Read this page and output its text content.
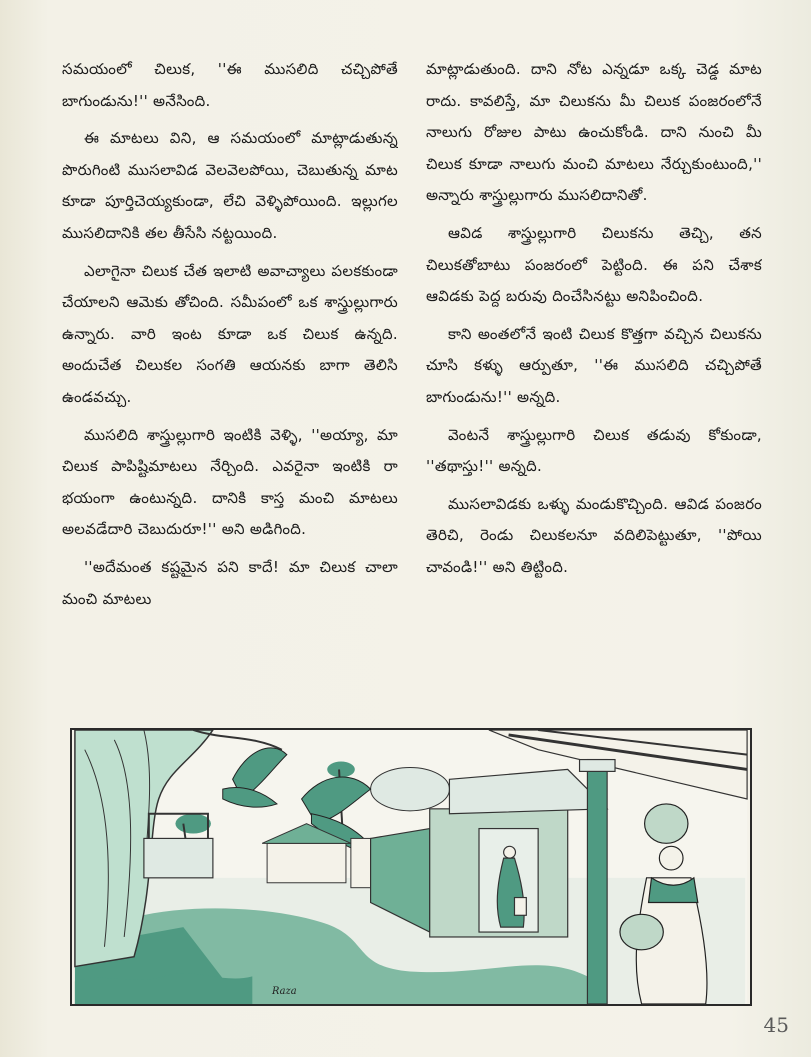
సమయంలో చిలుక, ''ఈ ముసలిది చచ్చిపోతే బాగుండును!'' అనేసింది.

ఈ మాటలు విని, ఆ సమయంలో మాట్లాడుతున్న పొరుగింటి ముసలావిడ వెలవెలపోయి, చెబుతున్న మాట కూడా పూర్తిచెయ్యకుండా, లేచి వెళ్ళిపోయింది. ఇల్లుగల ముసలిదానికి తల తీసేసి నట్టయింది.

ఎలాగైనా చిలుక చేత ఇలాటి అవాచ్యాలు పలకకుండా చేయాలని ఆమెకు తోచింది. సమీపంలో ఒక శాస్త్రుల్లుగారు ఉన్నారు. వారి ఇంట కూడా ఒక చిలుక ఉన్నది. అందుచేత చిలుకల సంగతి ఆయనకు బాగా తెలిసి ఉండవచ్చు.

ముసలిది శాస్త్రుల్లుగారి ఇంటికి వెళ్ళి, ''అయ్యా, మా చిలుక పాపిష్టిమాటలు నేర్చింది. ఎవరైనా ఇంటికి రా భయంగా ఉంటున్నది. దానికి కాస్త మంచి మాటలు అలవడేదారి చెబుదురూ!'' అని అడిగింది.

''అదేమంత కష్టమైన పని కాదే! మా చిలుక చాలా మంచి మాటలు

మాట్లాడుతుంది. దాని నోట ఎన్నడూ ఒక్క చెడ్డ మాట రాదు. కావలిస్తే, మా చిలుకను మీ చిలుక పంజరంలోనే నాలుగు రోజుల పాటు ఉంచుకోండి. దాని నుంచి మీ చిలుక కూడా నాలుగు మంచి మాటలు నేర్చుకుంటుంది,'' అన్నారు శాస్త్రుల్లుగారు ముసలిదానితో.

ఆవిడ శాస్త్రుల్లుగారి చిలుకను తెచ్చి, తన చిలుకతోబాటు పంజరంలో పెట్టింది. ఈ పని చేశాక ఆవిడకు పెద్ద బరువు దించేసినట్టు అనిపించింది.

కాని అంతలోనే ఇంటి చిలుక కొత్తగా వచ్చిన చిలుకను చూసి కళ్ళు ఆర్పుతూ, ''ఈ ముసలిది చచ్చిపోతే బాగుండును!'' అన్నది.

వెంటనే శాస్త్రుల్లుగారి చిలుక తడువు కోకుండా, ''తథాస్తు!'' అన్నది.

ముసలావిడకు ఒళ్ళు మండుకొచ్చింది. ఆవిడ పంజరం తెరిచి, రెండు చిలుకలనూ వదిలిపెట్టుతూ, ''పోయి చావండి!'' అని తిట్టింది.

Raza
45
